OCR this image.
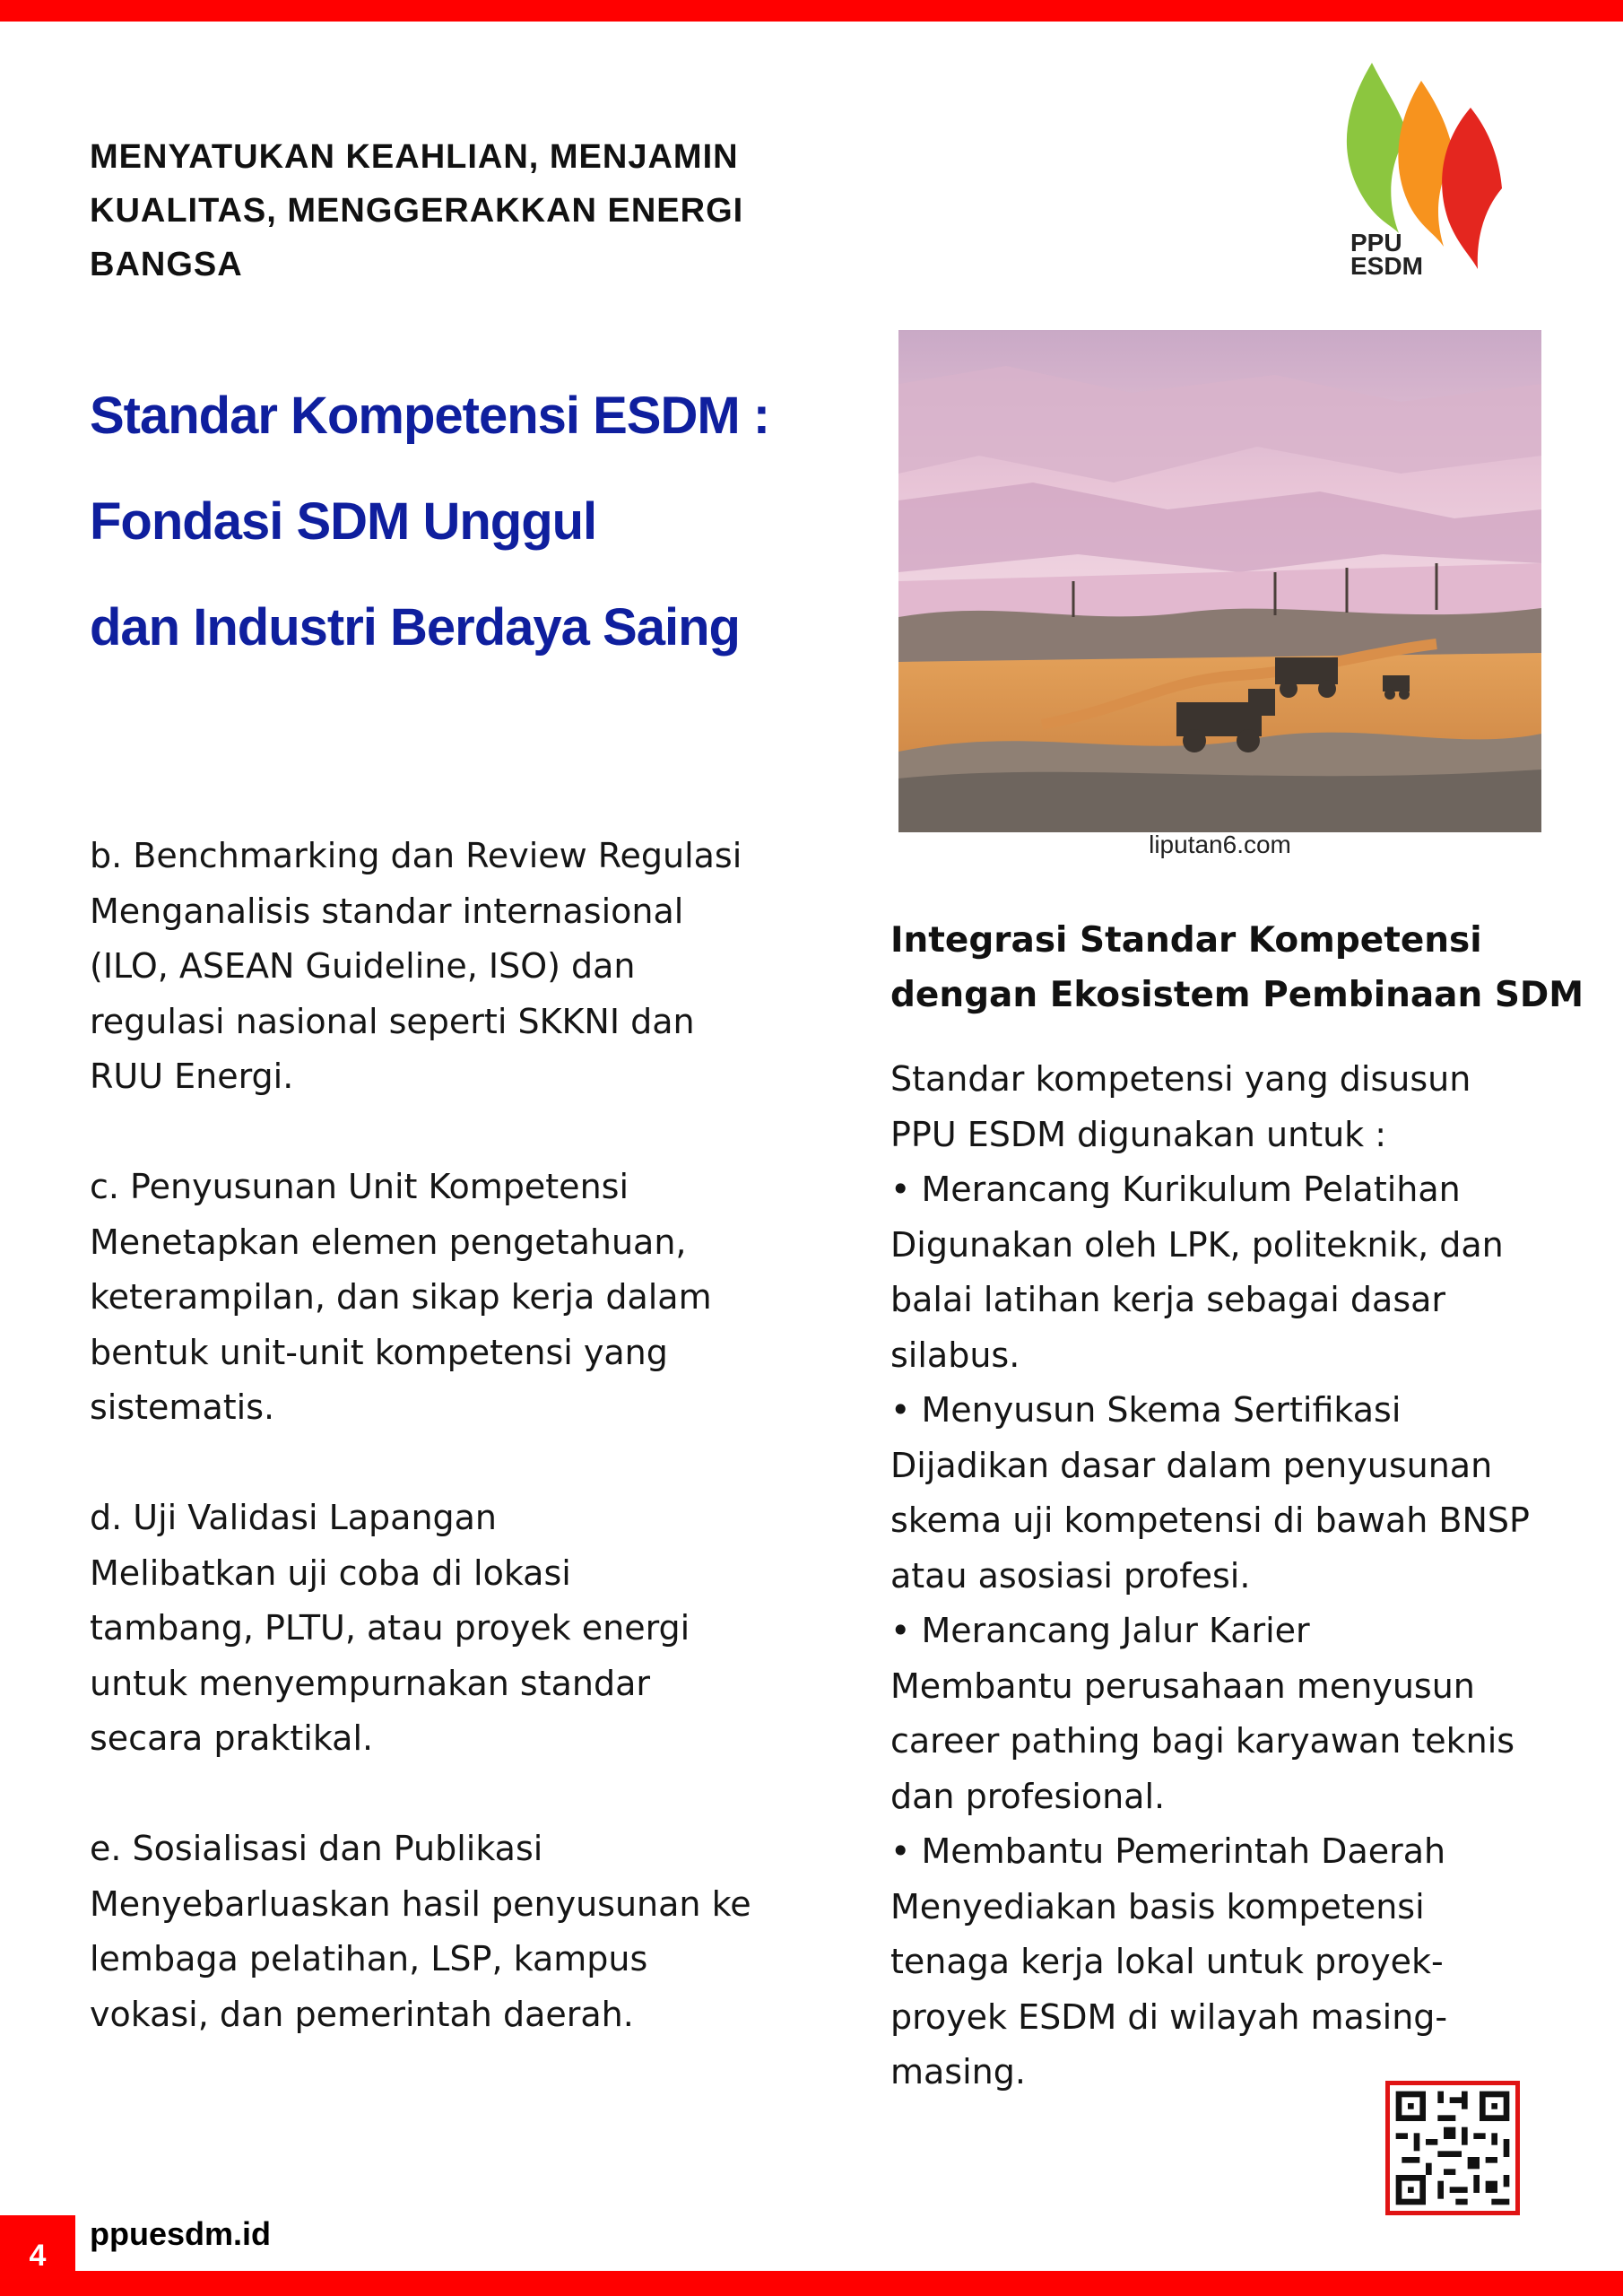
MENYATUKAN KEAHLIAN, MENJAMIN
KUALITAS, MENGGERAKKAN ENERGI
BANGSA
PPU
ESDM
Standar Kompetensi ESDM :
Fondasi SDM Unggul
dan Industri Berdaya Saing
liputan6.com

b. Benchmarking dan Review Regulasi

Menganalisis standar internasional

(ILO, ASEAN Guideline, ISO) dan

regulasi nasional seperti SKKNI dan

RUU Energi.

c. Penyusunan Unit Kompetensi

Menetapkan elemen pengetahuan,

keterampilan, dan sikap kerja dalam

bentuk unit-unit kompetensi yang

sistematis.

d. Uji Validasi Lapangan

Melibatkan uji coba di lokasi

tambang, PLTU, atau proyek energi

untuk menyempurnakan standar

secara praktikal.

e. Sosialisasi dan Publikasi

Menyebarluaskan hasil penyusunan ke

lembaga pelatihan, LSP, kampus

vokasi, dan pemerintah daerah.

Integrasi Standar Kompetensi
dengan Ekosistem Pembinaan SDM

Standar kompetensi yang disusun

PPU ESDM digunakan untuk :

• Merancang Kurikulum Pelatihan

Digunakan oleh LPK, politeknik, dan

balai latihan kerja sebagai dasar

silabus.

• Menyusun Skema Sertifikasi

Dijadikan dasar dalam penyusunan

skema uji kompetensi di bawah BNSP

atau asosiasi profesi.

• Merancang Jalur Karier

Membantu perusahaan menyusun

career pathing bagi karyawan teknis

dan profesional.

• Membantu Pemerintah Daerah

Menyediakan basis kompetensi

tenaga kerja lokal untuk proyek-

proyek ESDM di wilayah masing-

masing.

4
ppuesdm.id
